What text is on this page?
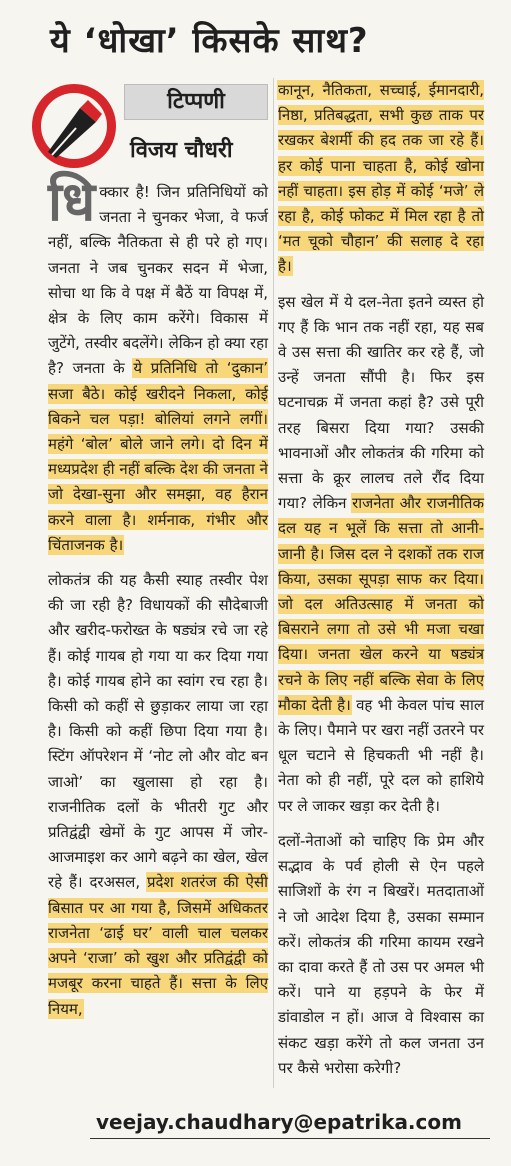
ये ‘धोखा’ किसके साथ?
टिप्पणी
विजय चौधरी

धि क्कार है! जिन प्रतिनिधियों को जनता ने चुनकर भेजा, वे फर्ज नहीं, बल्कि नैतिकता से ही परे हो गए। जनता ने जब चुनकर सदन में भेजा, सोचा था कि वे पक्ष में बैठें या विपक्ष में, क्षेत्र के लिए काम करेंगे। विकास में जुटेंगे, तस्वीर बदलेंगे। लेकिन हो क्या रहा है? जनता के ये प्रतिनिधि तो ‘दुकान’ सजा बैठे। कोई खरीदने निकला, कोई बिकने चल पड़ा! बोलियां लगने लगीं। महंगे ‘बोल’ बोले जाने लगे। दो दिन में मध्यप्रदेश ही नहीं बल्कि देश की जनता ने जो देखा-सुना और समझा, वह हैरान करने वाला है। शर्मनाक, गंभीर और चिंताजनक है।

लोकतंत्र की यह कैसी स्याह तस्वीर पेश की जा रही है? विधायकों की सौदेबाजी और खरीद-फरोख्त के षड्यंत्र रचे जा रहे हैं। कोई गायब हो गया या कर दिया गया है। कोई गायब होने का स्वांग रच रहा है। किसी को कहीं से छुड़ाकर लाया जा रहा है। किसी को कहीं छिपा दिया गया है। स्टिंग ऑपरेशन में ‘नोट लो और वोट बन जाओ’ का खुलासा हो रहा है। राजनीतिक दलों के भीतरी गुट और प्रतिद्वंद्वी खेमों के गुट आपस में जोर-आजमाइश कर आगे बढ़ने का खेल, खेल रहे हैं। दरअसल, प्रदेश शतरंज की ऐसी बिसात पर आ गया है, जिसमें अधिकतर राजनेता ‘ढाई घर’ वाली चाल चलकर अपने ‘राजा’ को खुश और प्रतिद्वंद्वी को मजबूर करना चाहते हैं। सत्ता के लिए नियम,

कानून, नैतिकता, सच्चाई, ईमानदारी, निष्ठा, प्रतिबद्धता, सभी कुछ ताक पर रखकर बेशर्मी की हद तक जा रहे हैं। हर कोई पाना चाहता है, कोई खोना नहीं चाहता। इस होड़ में कोई ‘मजे’ ले रहा है, कोई फोकट में मिल रहा है तो ‘मत चूको चौहान’ की सलाह दे रहा है।

इस खेल में ये दल-नेता इतने व्यस्त हो गए हैं कि भान तक नहीं रहा, यह सब वे उस सत्ता की खातिर कर रहे हैं, जो उन्हें जनता सौंपी है। फिर इस घटनाचक्र में जनता कहां है? उसे पूरी तरह बिसरा दिया गया? उसकी भावनाओं और लोकतंत्र की गरिमा को सत्ता के क्रूर लालच तले रौंद दिया गया? लेकिन राजनेता और राजनीतिक दल यह न भूलें कि सत्ता तो आनी-जानी है। जिस दल ने दशकों तक राज किया, उसका सूपड़ा साफ कर दिया। जो दल अतिउत्साह में जनता को बिसराने लगा तो उसे भी मजा चखा दिया। जनता खेल करने या षड्यंत्र रचने के लिए नहीं बल्कि सेवा के लिए मौका देती है। वह भी केवल पांच साल के लिए। पैमाने पर खरा नहीं उतरने पर धूल चटाने से हिचकती भी नहीं है। नेता को ही नहीं, पूरे दल को हाशिये पर ले जाकर खड़ा कर देती है।

दलों-नेताओं को चाहिए कि प्रेम और सद्भाव के पर्व होली से ऐन पहले साजिशों के रंग न बिखरें। मतदाताओं ने जो आदेश दिया है, उसका सम्मान करें। लोकतंत्र की गरिमा कायम रखने का दावा करते हैं तो उस पर अमल भी करें। पाने या हड़पने के फेर में डांवाडोल न हों। आज वे विश्वास का संकट खड़ा करेंगे तो कल जनता उन पर कैसे भरोसा करेगी?

veejay.chaudhary@epatrika.com
